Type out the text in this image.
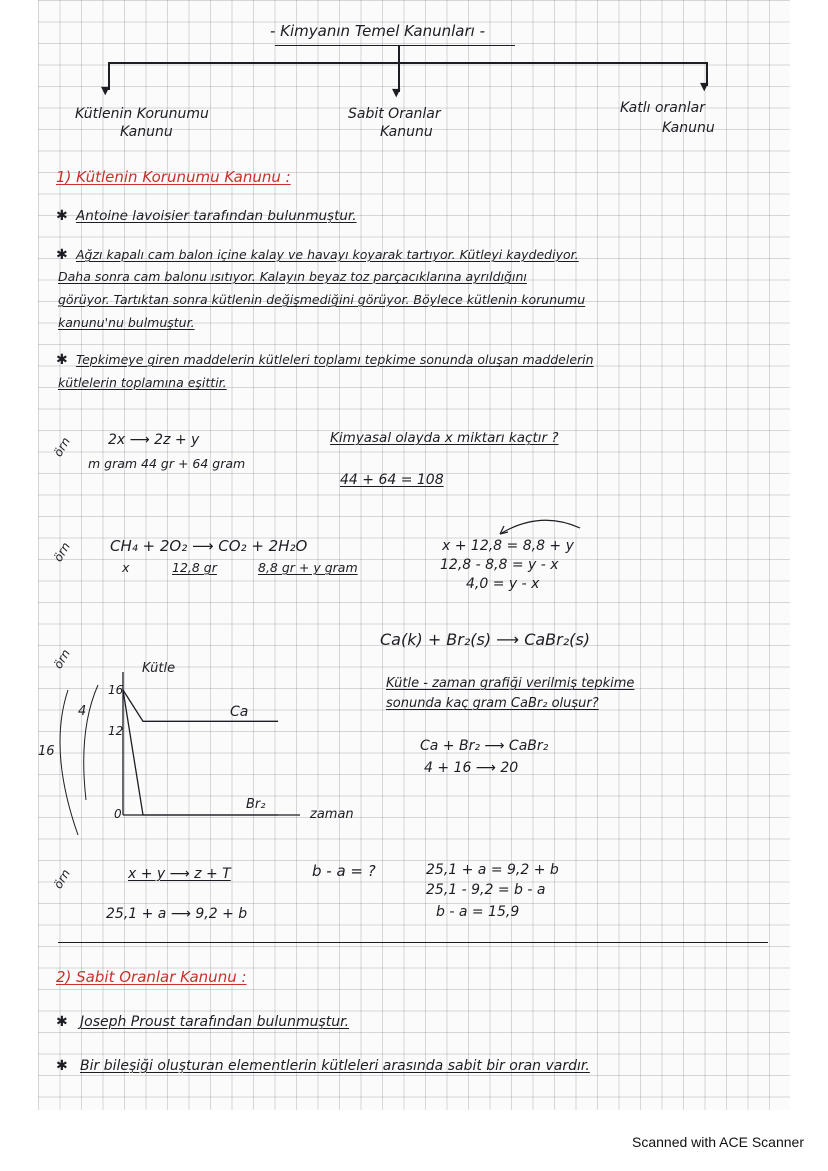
- Kimyanın Temel Kanunları -
▼	▼	▼
Kütlenin Korunumu
Kanunu
Sabit Oranlar
Kanunu
Katlı oranlar
Kanunu
1) Kütlenin Korunumu Kanunu :
✱ Antoine lavoisier tarafından bulunmuştur.
✱ Ağzı kapalı cam balon içine kalay ve havayı koyarak tartıyor. Kütleyi kaydediyor.
Daha sonra cam balonu ısıtıyor. Kalayın beyaz toz parçacıklarına ayrıldığını
görüyor. Tartıktan sonra kütlenin değişmediğini görüyor. Böylece kütlenin korunumu
kanunu'nu bulmuştur.
✱ Tepkimeye giren maddelerin kütleleri toplamı tepkime sonunda oluşan maddelerin
kütlelerin toplamına eşittir.
örn	2x ⟶ 2z + y
m gram 44 gr + 64 gram
Kimyasal olayda x miktarı kaçtır ?
44 + 64 = 108
örn CH₄ + 2O₂ ⟶ CO₂ + 2H₂O
x	12,8 gr	8,8 gr + y gram
x + 12,8 = 8,8 + y
12,8 - 8,8 = y - x
4,0 = y - x
örn
Ca(k) + Br₂(s) ⟶ CaBr₂(s)
Kütle - zaman grafiği verilmiş tepkime
sonunda kaç gram CaBr₂ oluşur?
Ca + Br₂ ⟶ CaBr₂
4 + 16 ⟶ 20
4
16
Kütle
zaman
16
12
0
Ca
Br₂
örn	x + y ⟶ z + T
25,1 + a ⟶ 9,2 + b
b - a = ?	25,1 + a = 9,2 + b
25,1 - 9,2 = b - a
b - a = 15,9
2) Sabit Oranlar Kanunu :
✱ Joseph Proust tarafından bulunmuştur.
✱ Bir bileşiği oluşturan elementlerin kütleleri arasında sabit bir oran vardır.
Scanned with ACE Scanner
